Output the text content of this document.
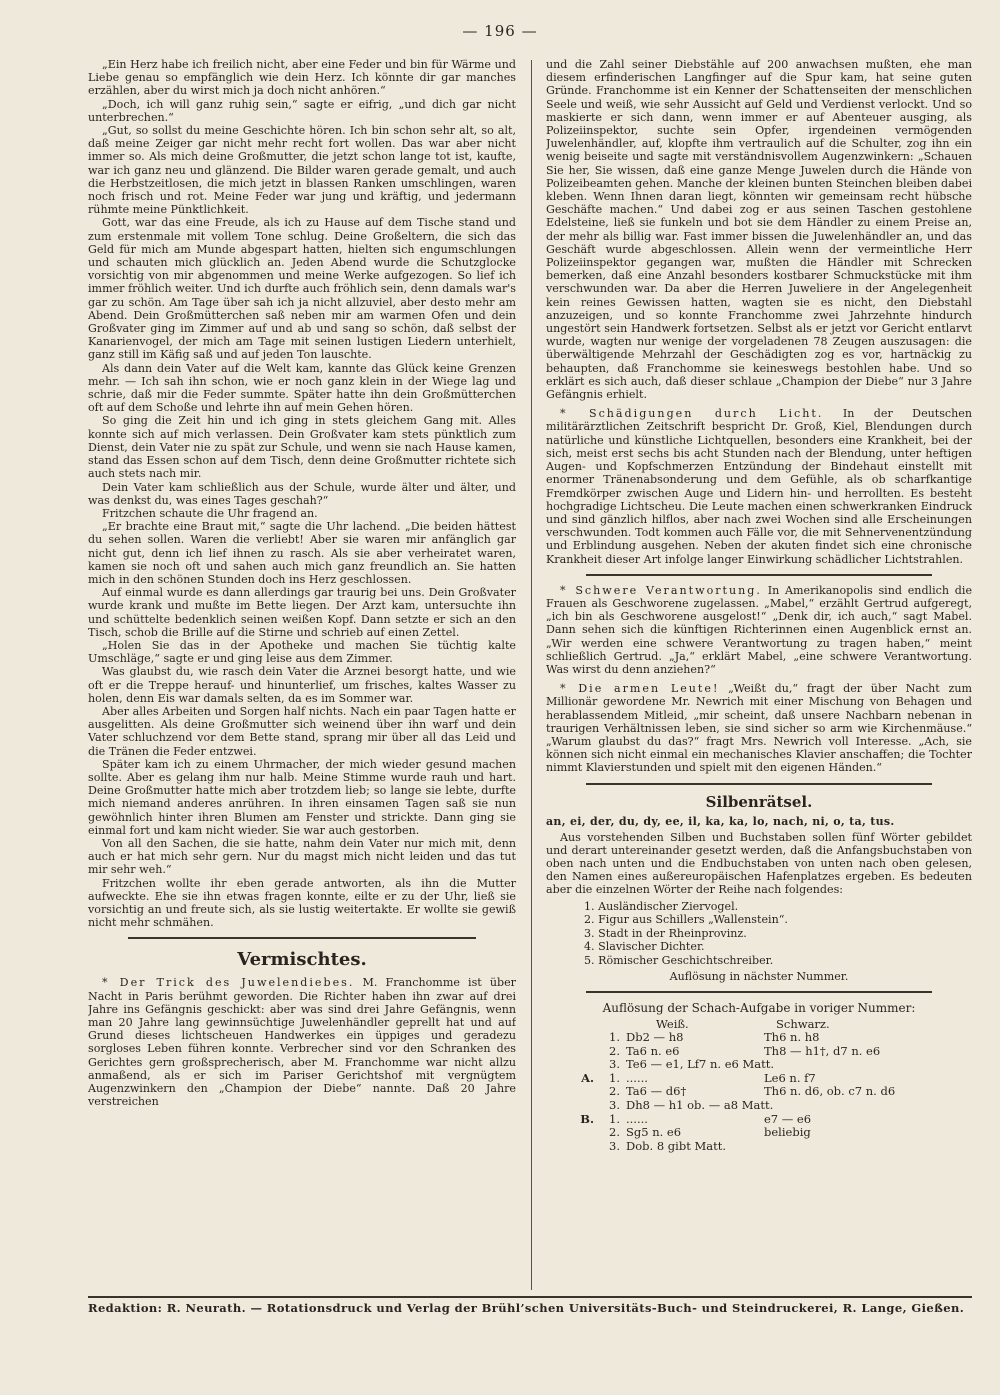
— 196 —

„Ein Herz habe ich freilich nicht, aber eine Feder und bin für Wärme und Liebe genau so empfänglich wie dein Herz. Ich könnte dir gar manches erzählen, aber du wirst mich ja doch nicht anhören.“

„Doch, ich will ganz ruhig sein,“ sagte er eifrig, „und dich gar nicht unterbrechen.“

„Gut, so sollst du meine Geschichte hören. Ich bin schon sehr alt, so alt, daß meine Zeiger gar nicht mehr recht fort wollen. Das war aber nicht immer so. Als mich deine Großmutter, die jetzt schon lange tot ist, kaufte, war ich ganz neu und glänzend. Die Bilder waren gerade gemalt, und auch die Herbstzeitlosen, die mich jetzt in blassen Ranken umschlingen, waren noch frisch und rot. Meine Feder war jung und kräftig, und jedermann rühmte meine Pünktlichkeit.

Gott, war das eine Freude, als ich zu Hause auf dem Tische stand und zum erstenmale mit vollem Tone schlug. Deine Großeltern, die sich das Geld für mich am Munde abgespart hatten, hielten sich engumschlungen und schauten mich glücklich an. Jeden Abend wurde die Schutzglocke vorsichtig von mir abgenommen und meine Werke aufgezogen. So lief ich immer fröhlich weiter. Und ich durfte auch fröhlich sein, denn damals war's gar zu schön. Am Tage über sah ich ja nicht allzuviel, aber desto mehr am Abend. Dein Großmütterchen saß neben mir am warmen Ofen und dein Großvater ging im Zimmer auf und ab und sang so schön, daß selbst der Kanarienvogel, der mich am Tage mit seinen lustigen Liedern unterhielt, ganz still im Käfig saß und auf jeden Ton lauschte.

Als dann dein Vater auf die Welt kam, kannte das Glück keine Grenzen mehr. — Ich sah ihn schon, wie er noch ganz klein in der Wiege lag und schrie, daß mir die Feder summte. Später hatte ihn dein Großmütterchen oft auf dem Schoße und lehrte ihn auf mein Gehen hören.

So ging die Zeit hin und ich ging in stets gleichem Gang mit. Alles konnte sich auf mich verlassen. Dein Großvater kam stets pünktlich zum Dienst, dein Vater nie zu spät zur Schule, und wenn sie nach Hause kamen, stand das Essen schon auf dem Tisch, denn deine Großmutter richtete sich auch stets nach mir.

Dein Vater kam schließlich aus der Schule, wurde älter und älter, und was denkst du, was eines Tages geschah?“

Fritzchen schaute die Uhr fragend an.

„Er brachte eine Braut mit,“ sagte die Uhr lachend. „Die beiden hättest du sehen sollen. Waren die verliebt! Aber sie waren mir anfänglich gar nicht gut, denn ich lief ihnen zu rasch. Als sie aber verheiratet waren, kamen sie noch oft und sahen auch mich ganz freundlich an. Sie hatten mich in den schönen Stunden doch ins Herz geschlossen.

Auf einmal wurde es dann allerdings gar traurig bei uns. Dein Großvater wurde krank und mußte im Bette liegen. Der Arzt kam, untersuchte ihn und schüttelte bedenklich seinen weißen Kopf. Dann setzte er sich an den Tisch, schob die Brille auf die Stirne und schrieb auf einen Zettel.

„Holen Sie das in der Apotheke und machen Sie tüchtig kalte Umschläge,“ sagte er und ging leise aus dem Zimmer.

Was glaubst du, wie rasch dein Vater die Arznei besorgt hatte, und wie oft er die Treppe herauf- und hinunterlief, um frisches, kaltes Wasser zu holen, denn Eis war damals selten, da es im Sommer war.

Aber alles Arbeiten und Sorgen half nichts. Nach ein paar Tagen hatte er ausgelitten. Als deine Großmutter sich weinend über ihn warf und dein Vater schluchzend vor dem Bette stand, sprang mir über all das Leid und die Tränen die Feder entzwei.

Später kam ich zu einem Uhrmacher, der mich wieder gesund machen sollte. Aber es gelang ihm nur halb. Meine Stimme wurde rauh und hart. Deine Großmutter hatte mich aber trotzdem lieb; so lange sie lebte, durfte mich niemand anderes anrühren. In ihren einsamen Tagen saß sie nun gewöhnlich hinter ihren Blumen am Fenster und strickte. Dann ging sie einmal fort und kam nicht wieder. Sie war auch gestorben.

Von all den Sachen, die sie hatte, nahm dein Vater nur mich mit, denn auch er hat mich sehr gern. Nur du magst mich nicht leiden und das tut mir sehr weh.“

Fritzchen wollte ihr eben gerade antworten, als ihn die Mutter aufweckte. Ehe sie ihn etwas fragen konnte, eilte er zu der Uhr, ließ sie vorsichtig an und freute sich, als sie lustig weitertakte. Er wollte sie gewiß nicht mehr schmähen.

Vermischtes.

* Der Trick des Juwelendiebes. M. Franchomme ist über Nacht in Paris berühmt geworden. Die Richter haben ihn zwar auf drei Jahre ins Gefängnis geschickt: aber was sind drei Jahre Gefängnis, wenn man 20 Jahre lang gewinnsüchtige Juwelenhändler geprellt hat und auf Grund dieses lichtscheuen Handwerkes ein üppiges und geradezu sorgloses Leben führen konnte. Verbrecher sind vor den Schranken des Gerichtes gern großsprecherisch, aber M. Franchomme war nicht allzu anmaßend, als er sich im Pariser Gerichtshof mit vergnügtem Augenzwinkern den „Champion der Diebe“ nannte. Daß 20 Jahre verstreichen

und die Zahl seiner Diebstähle auf 200 anwachsen mußten, ehe man diesem erfinderischen Langfinger auf die Spur kam, hat seine guten Gründe. Franchomme ist ein Kenner der Schattenseiten der menschlichen Seele und weiß, wie sehr Aussicht auf Geld und Verdienst verlockt. Und so maskierte er sich dann, wenn immer er auf Abenteuer ausging, als Polizeiinspektor, suchte sein Opfer, irgendeinen vermögenden Juwelenhändler, auf, klopfte ihm vertraulich auf die Schulter, zog ihn ein wenig beiseite und sagte mit verständnisvollem Augenzwinkern: „Schauen Sie her, Sie wissen, daß eine ganze Menge Juwelen durch die Hände von Polizeibeamten gehen. Manche der kleinen bunten Steinchen bleiben dabei kleben. Wenn Ihnen daran liegt, könnten wir gemeinsam recht hübsche Geschäfte machen.“ Und dabei zog er aus seinen Taschen gestohlene Edelsteine, ließ sie funkeln und bot sie dem Händler zu einem Preise an, der mehr als billig war. Fast immer bissen die Juwelenhändler an, und das Geschäft wurde abgeschlossen. Allein wenn der vermeintliche Herr Polizeiinspektor gegangen war, mußten die Händler mit Schrecken bemerken, daß eine Anzahl besonders kostbarer Schmuckstücke mit ihm verschwunden war. Da aber die Herren Juweliere in der Angelegenheit kein reines Gewissen hatten, wagten sie es nicht, den Diebstahl anzuzeigen, und so konnte Franchomme zwei Jahrzehnte hindurch ungestört sein Handwerk fortsetzen. Selbst als er jetzt vor Gericht entlarvt wurde, wagten nur wenige der vorgeladenen 78 Zeugen auszusagen: die überwältigende Mehrzahl der Geschädigten zog es vor, hartnäckig zu behaupten, daß Franchomme sie keineswegs bestohlen habe. Und so erklärt es sich auch, daß dieser schlaue „Champion der Diebe“ nur 3 Jahre Gefängnis erhielt.

* Schädigungen durch Licht. In der Deutschen militärärztlichen Zeitschrift bespricht Dr. Groß, Kiel, Blendungen durch natürliche und künstliche Lichtquellen, besonders eine Krankheit, bei der sich, meist erst sechs bis acht Stunden nach der Blendung, unter heftigen Augen- und Kopfschmerzen Entzündung der Bindehaut einstellt mit enormer Tränenabsonderung und dem Gefühle, als ob scharfkantige Fremdkörper zwischen Auge und Lidern hin- und herrollten. Es besteht hochgradige Lichtscheu. Die Leute machen einen schwerkranken Eindruck und sind gänzlich hilflos, aber nach zwei Wochen sind alle Erscheinungen verschwunden. Todt kommen auch Fälle vor, die mit Sehnervenentzündung und Erblindung ausgehen. Neben der akuten findet sich eine chronische Krankheit dieser Art infolge langer Einwirkung schädlicher Lichtstrahlen.

* Schwere Verantwortung. In Amerikanopolis sind endlich die Frauen als Geschworene zugelassen. „Mabel,“ erzählt Gertrud aufgeregt, „ich bin als Geschworene ausgelost!“ „Denk dir, ich auch,“ sagt Mabel. Dann sehen sich die künftigen Richterinnen einen Augenblick ernst an. „Wir werden eine schwere Verantwortung zu tragen haben,“ meint schließlich Gertrud. „Ja,“ erklärt Mabel, „eine schwere Verantwortung. Was wirst du denn anziehen?“

* Die armen Leute! „Weißt du,“ fragt der über Nacht zum Millionär gewordene Mr. Newrich mit einer Mischung von Behagen und herablassendem Mitleid, „mir scheint, daß unsere Nachbarn nebenan in traurigen Verhältnissen leben, sie sind sicher so arm wie Kirchenmäuse.“ „Warum glaubst du das?“ fragt Mrs. Newrich voll Interesse. „Ach, sie können sich nicht einmal ein mechanisches Klavier anschaffen; die Tochter nimmt Klavierstunden und spielt mit den eigenen Händen.“

Silbenrätsel.
an, ei, der, du, dy, ee, il, ka, ka, lo, nach, ni, o, ta, tus.

Aus vorstehenden Silben und Buchstaben sollen fünf Wörter gebildet und derart untereinander gesetzt werden, daß die Anfangsbuchstaben von oben nach unten und die Endbuchstaben von unten nach oben gelesen, den Namen eines außereuropäischen Hafenplatzes ergeben. Es bedeuten aber die einzelnen Wörter der Reihe nach folgendes:

1. Ausländischer Ziervogel.
2. Figur aus Schillers „Wallenstein“.
3. Stadt in der Rheinprovinz.
4. Slavischer Dichter.
5. Römischer Geschichtschreiber.
Auflösung in nächster Nummer.
Auflösung der Schach-Aufgabe in voriger Nummer:
Weiß.	Schwarz.
1. Db2 — h8	Th6 n. h8
2. Ta6 n. e6	Th8 — h1†, d7 n. e6
3. Te6 — e1, Lf7 n. e6 Matt.
A.	1. ......	Le6 n. f7
2. Ta6 — d6†	Th6 n. d6, ob. c7 n. d6
3. Dh8 — h1 ob. — a8 Matt.
B.	1. ......	e7 — e6
2. Sg5 n. e6	beliebig
3. Dob. 8 gibt Matt.
Redaktion: R. Neurath. — Rotationsdruck und Verlag der Brühl’schen Universitäts-Buch- und Steindruckerei, R. Lange, Gießen.
